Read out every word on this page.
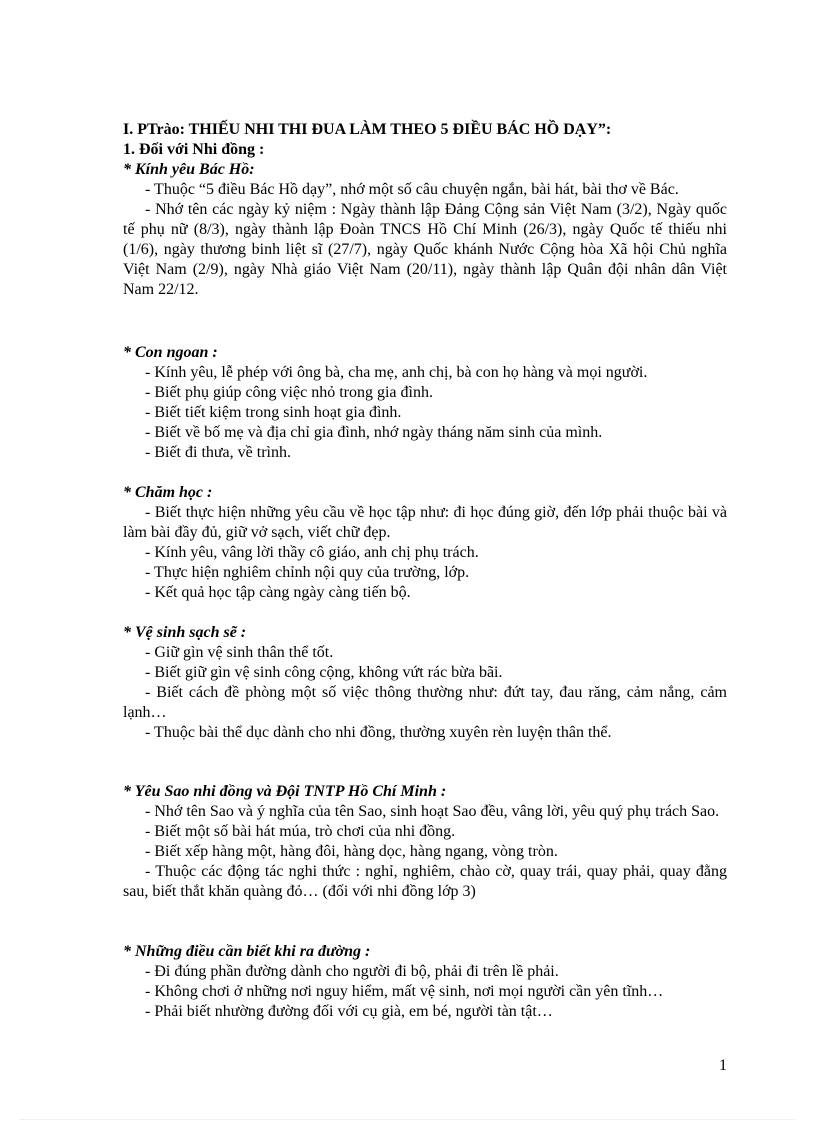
I. PTrào: THIẾU NHI THI ĐUA LÀM THEO 5 ĐIỀU BÁC HỒ DẠY”:
1. Đối với Nhi đồng :
* Kính yêu Bác Hồ:
- Thuộc “5 điều Bác Hồ dạy”, nhớ một số câu chuyện ngắn, bài hát, bài thơ về Bác.
- Nhớ tên các ngày kỷ niệm : Ngày thành lập Đảng Cộng sản Việt Nam (3/2), Ngày quốc tế phụ nữ (8/3), ngày thành lập Đoàn TNCS Hồ Chí Minh (26/3), ngày Quốc tế thiếu nhi (1/6), ngày thương binh liệt sĩ (27/7), ngày Quốc khánh Nước Cộng hòa Xã hội Chủ nghĩa Việt Nam (2/9), ngày Nhà giáo Việt Nam (20/11), ngày thành lập Quân đội nhân dân Việt Nam 22/12.
* Con ngoan :
- Kính yêu, lễ phép với ông bà, cha mẹ, anh chị, bà con họ hàng và mọi người.
- Biết phụ giúp công việc nhỏ trong gia đình.
- Biết tiết kiệm trong sinh hoạt gia đình.
- Biết về bố mẹ và địa chỉ gia đình, nhớ ngày tháng năm sinh của mình.
- Biết đi thưa, về trình.
* Chăm học :
- Biết thực hiện những yêu cầu về học tập như: đi học đúng giờ, đến lớp phải thuộc bài và làm bài đầy đủ, giữ vở sạch, viết chữ đẹp.
- Kính yêu, vâng lời thầy cô giáo, anh chị phụ trách.
- Thực hiện nghiêm chỉnh nội quy của trường, lớp.
- Kết quả học tập càng ngày càng tiến bộ.
* Vệ sinh sạch sẽ :
- Giữ gìn vệ sinh thân thể tốt.
- Biết giữ gìn vệ sinh công cộng, không vứt rác bừa bãi.
- Biết cách đề phòng một số việc thông thường như: đứt tay, đau răng, cảm nắng, cảm lạnh…
- Thuộc bài thể dục dành cho nhi đồng, thường xuyên rèn luyện thân thể.
* Yêu Sao nhi đồng và Đội TNTP Hồ Chí Minh :
- Nhớ tên Sao và ý nghĩa của tên Sao, sinh hoạt Sao đều, vâng lời, yêu quý phụ trách Sao.
- Biết một số bài hát múa, trò chơi của nhi đồng.
- Biết xếp hàng một, hàng đôi, hàng dọc, hàng ngang, vòng tròn.
- Thuộc các động tác nghi thức : nghỉ, nghiêm, chào cờ, quay trái, quay phải, quay đằng sau, biết thắt khăn quàng đỏ… (đối với nhi đồng lớp 3)
* Những điều cần biết khi ra đường :
- Đi đúng phần đường dành cho người đi bộ, phải đi trên lề phải.
- Không chơi ở những nơi nguy hiểm, mất vệ sinh, nơi mọi người cần yên tĩnh…
- Phải biết nhường đường đối với cụ già, em bé, người tàn tật…
1
